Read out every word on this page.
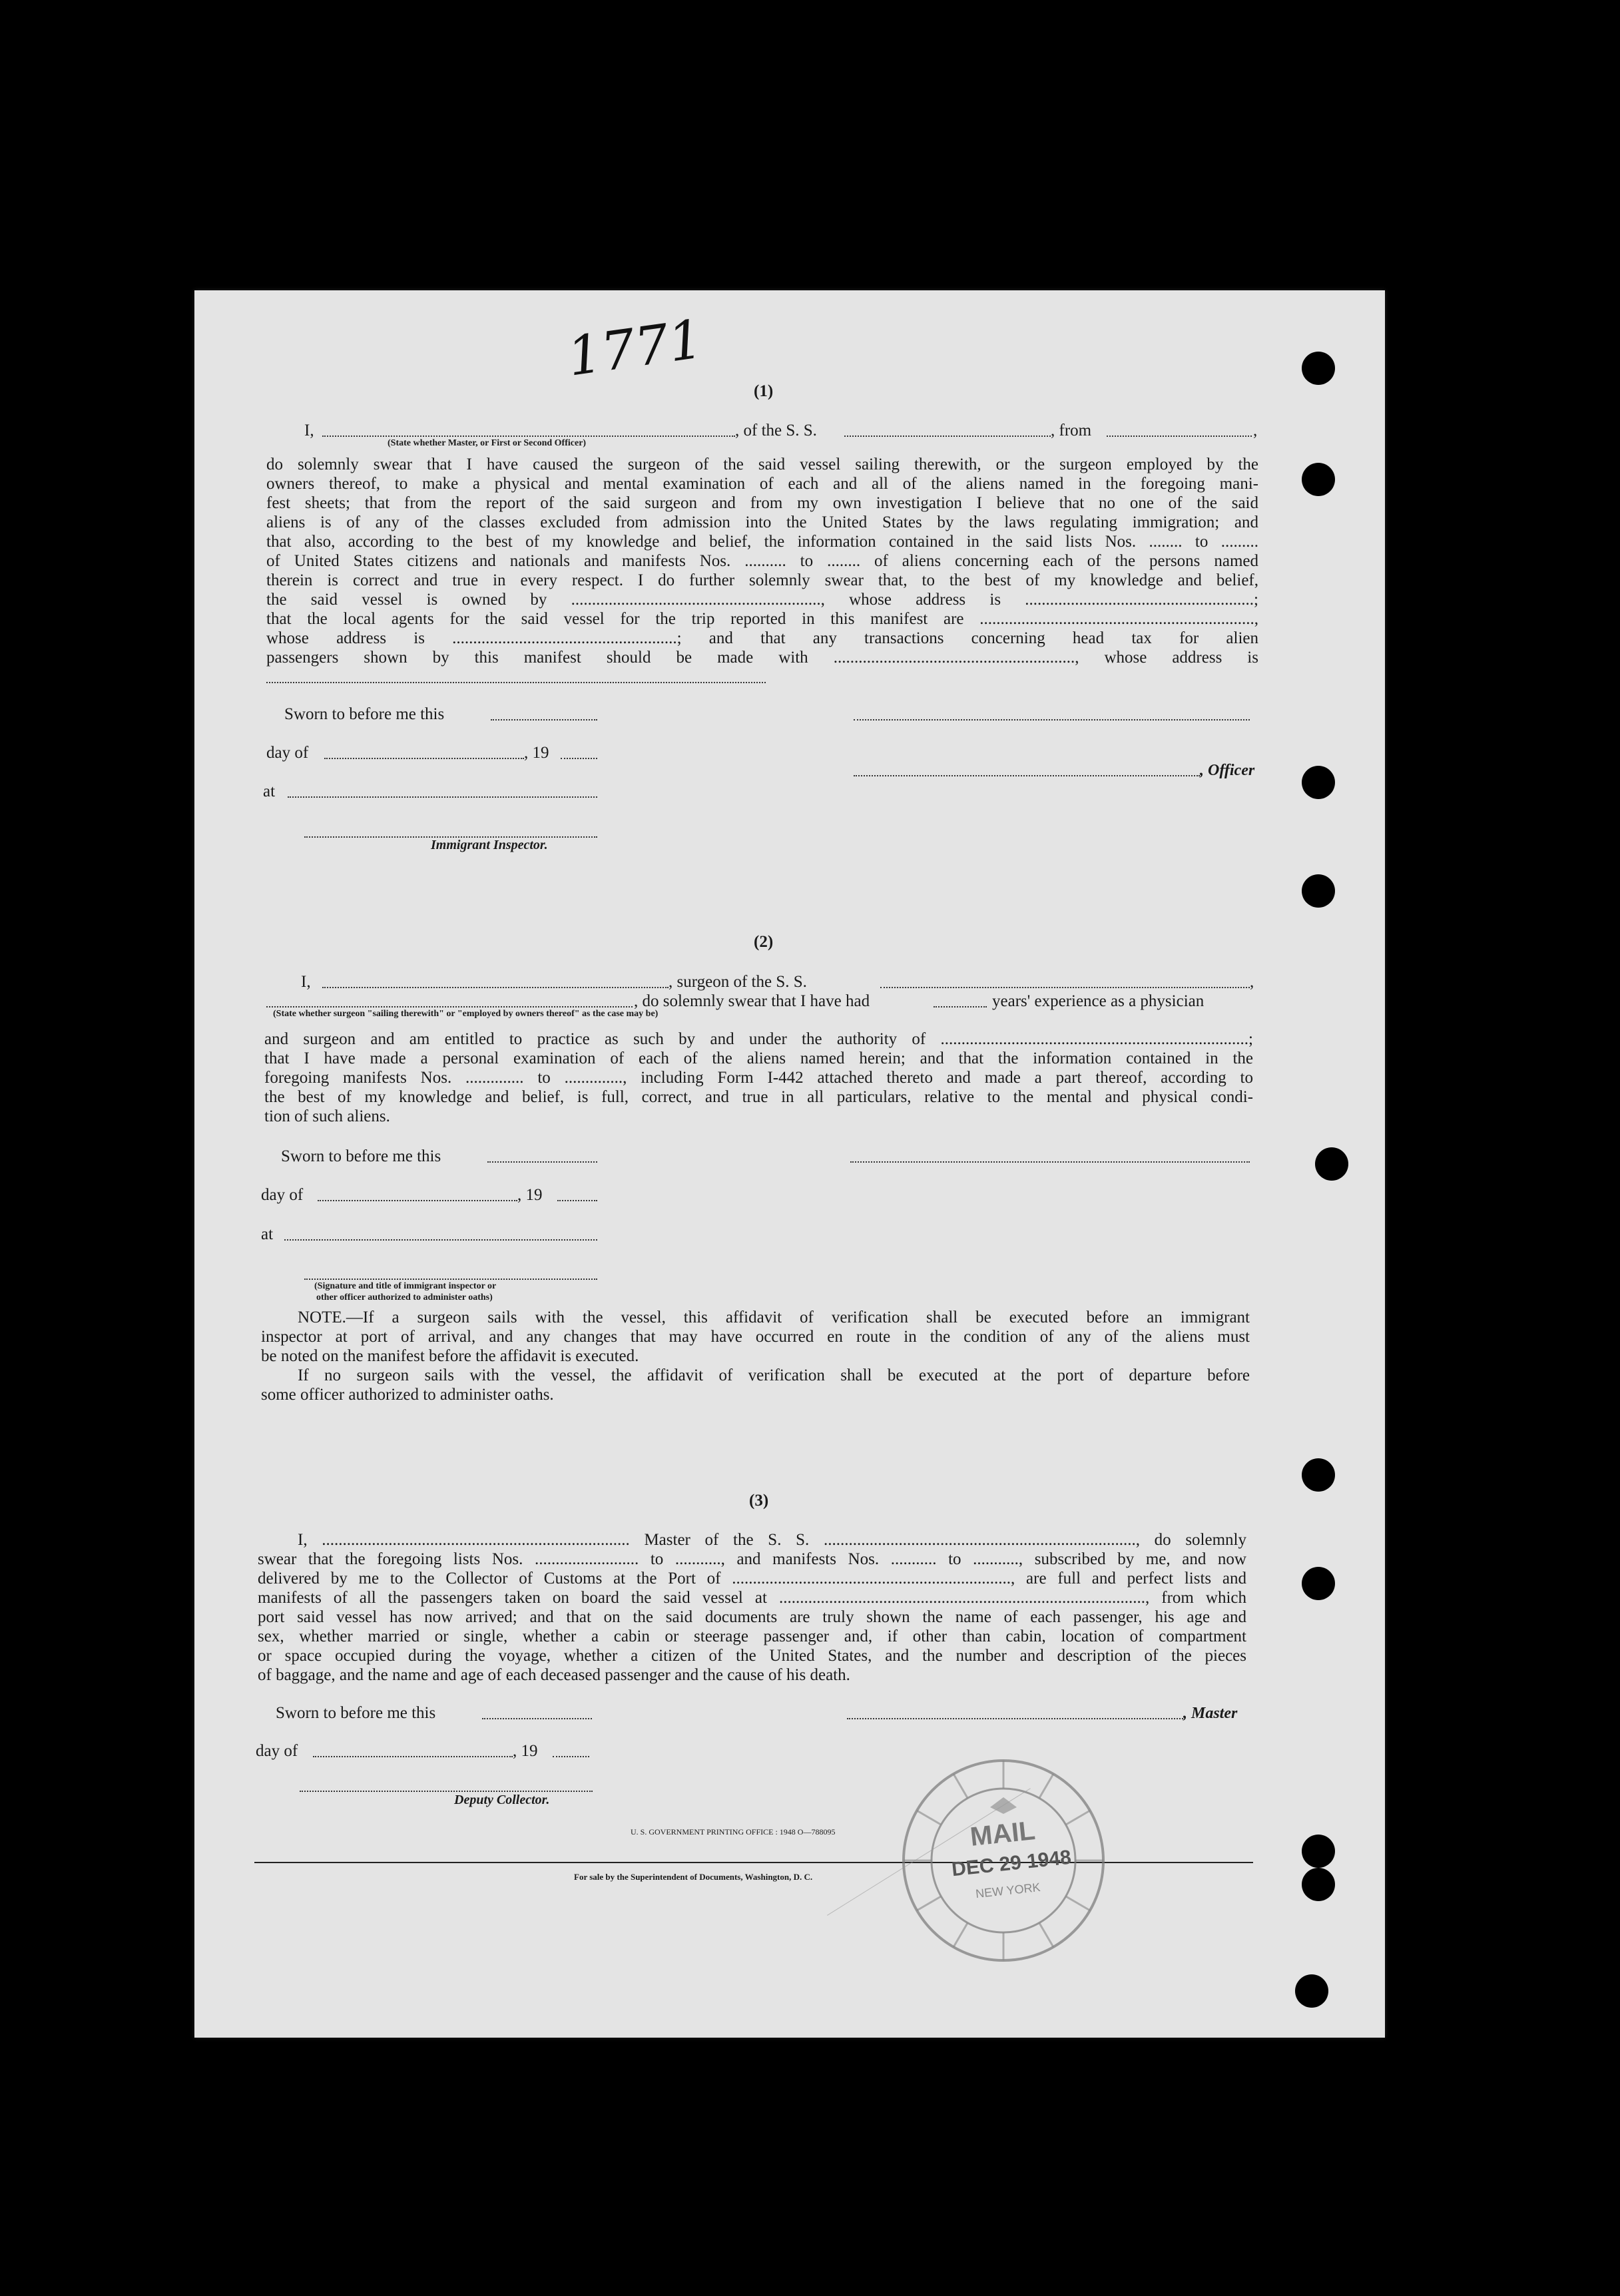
1771

(1)
I,	, of the S. S.	, from	,
(State whether Master, or First or Second Officer)
do solemnly swear that I have caused the surgeon of the said vessel sailing therewith, or the surgeon employed by the
owners thereof, to make a physical and mental examination of each and all of the aliens named in the foregoing mani-
fest sheets; that from the report of the said surgeon and from my own investigation I believe that no one of the said
aliens is of any of the classes excluded from admission into the United States by the laws regulating immigration; and
that also, according to the best of my knowledge and belief, the information contained in the said lists Nos. ........ to .........
of United States citizens and nationals and manifests Nos. .......... to ........ of aliens concerning each of the persons named
therein is correct and true in every respect. I do further solemnly swear that, to the best of my knowledge and belief,
the said vessel is owned by ............................................................, whose address is .......................................................;
that the local agents for the said vessel for the trip reported in this manifest are ..................................................................,
whose address is ......................................................; and that any transactions concerning head tax for alien
passengers shown by this manifest should be made with .........................................................., whose address is
Sworn to before me this
day of	, 19
, Officer
at
Immigrant Inspector.
(2)
I,	, surgeon of the S. S.	,
, do solemnly swear that I have had	years' experience as a physician
(State whether surgeon "sailing therewith" or "employed by owners thereof" as the case may be)
and surgeon and am entitled to practice as such by and under the authority of ..........................................................................;
that I have made a personal examination of each of the aliens named herein; and that the information contained in the
foregoing manifests Nos. .............. to .............., including Form I-442 attached thereto and made a part thereof, according to
the best of my knowledge and belief, is full, correct, and true in all particulars, relative to the mental and physical condi-
tion of such aliens.
Sworn to before me this
day of	, 19
at
(Signature and title of immigrant inspector or
other officer authorized to administer oaths)
NOTE.—If a surgeon sails with the vessel, this affidavit of verification shall be executed before an immigrant
inspector at port of arrival, and any changes that may have occurred en route in the condition of any of the aliens must
be noted on the manifest before the affidavit is executed.
If no surgeon sails with the vessel, the affidavit of verification shall be executed at the port of departure before
some officer authorized to administer oaths.
(3)
I, .......................................................................... Master of the S. S. ..........................................................................., do solemnly
swear that the foregoing lists Nos. ......................... to ..........., and manifests Nos. ........... to ..........., subscribed by me, and now
delivered by me to the Collector of Customs at the Port of ..................................................................., are full and perfect lists and
manifests of all the passengers taken on board the said vessel at ........................................................................................, from which
port said vessel has now arrived; and that on the said documents are truly shown the name of each passenger, his age and
sex, whether married or single, whether a cabin or steerage passenger and, if other than cabin, location of compartment
or space occupied during the voyage, whether a citizen of the United States, and the number and description of the pieces
of baggage, and the name and age of each deceased passenger and the cause of his death.
Sworn to before me this	, Master
day of	, 19
Deputy Collector.
U. S. GOVERNMENT PRINTING OFFICE : 1948 O—788095
For sale by the Superintendent of Documents, Washington, D. C.
MAIL
DEC 29 1948
NEW YORK
